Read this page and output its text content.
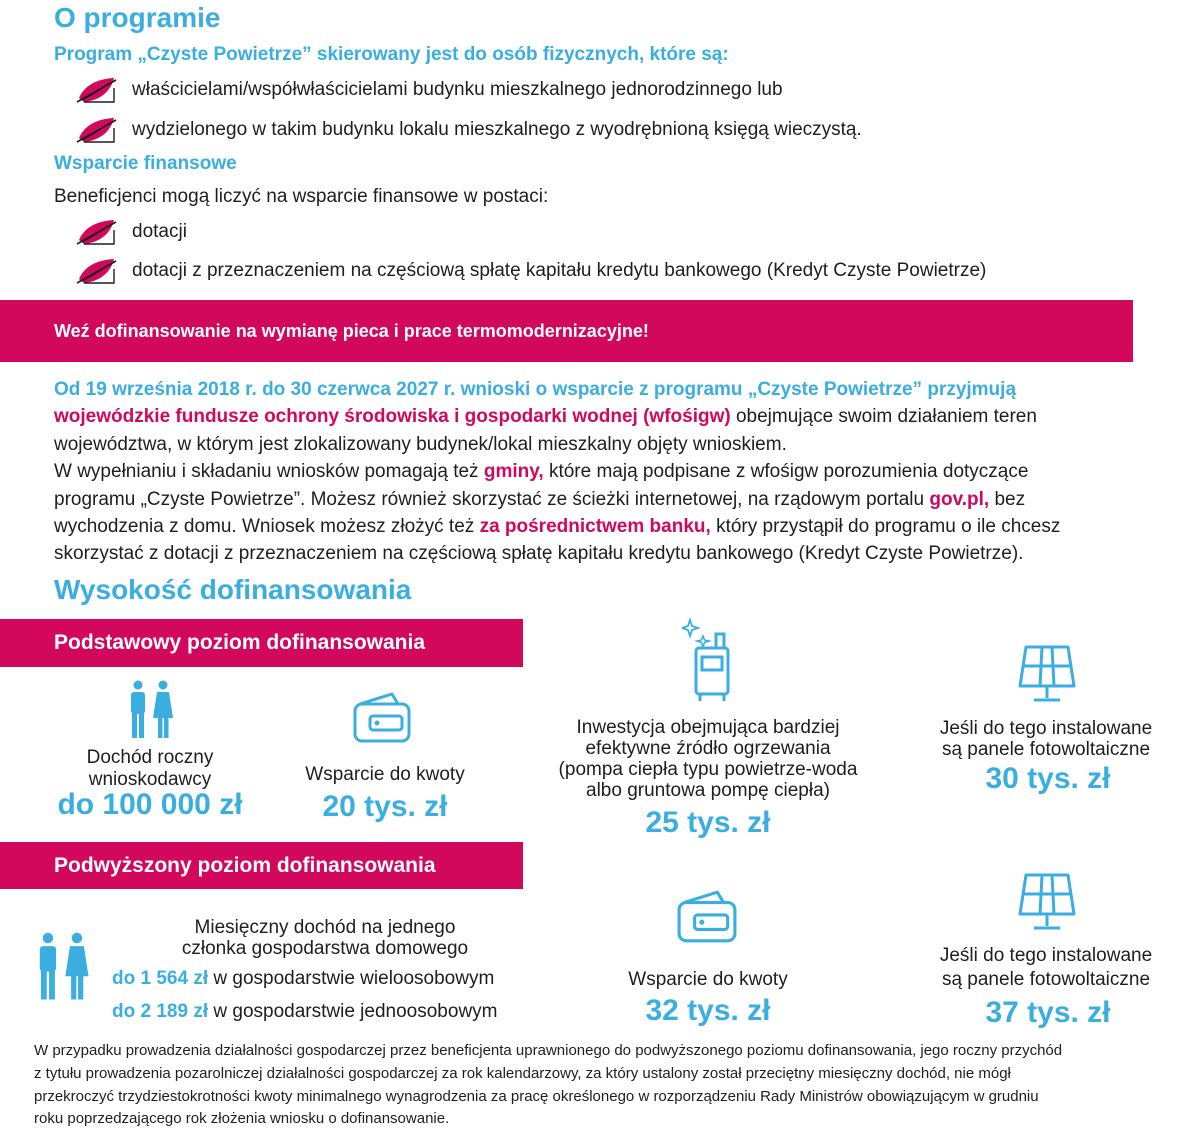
O programie
Program „Czyste Powietrze” skierowany jest do osób fizycznych, które są:
właścicielami/współwłaścicielami budynku mieszkalnego jednorodzinnego lub
wydzielonego w takim budynku lokalu mieszkalnego z wyodrębnioną księgą wieczystą.
Wsparcie finansowe
Beneficjenci mogą liczyć na wsparcie finansowe w postaci:
dotacji
dotacji z przeznaczeniem na częściową spłatę kapitału kredytu bankowego (Kredyt Czyste Powietrze)
Weź dofinansowanie na wymianę pieca i prace termomodernizacyjne!
Od 19 września 2018 r. do 30 czerwca 2027 r. wnioski o wsparcie z programu „Czyste Powietrze” przyjmują
wojewódzkie fundusze ochrony środowiska i gospodarki wodnej (wfośigw) obejmujące swoim działaniem teren
województwa, w którym jest zlokalizowany budynek/lokal mieszkalny objęty wnioskiem.
W wypełnianiu i składaniu wniosków pomagają też gminy, które mają podpisane z wfośigw porozumienia dotyczące
programu „Czyste Powietrze”. Możesz również skorzystać ze ścieżki internetowej, na rządowym portalu gov.pl, bez
wychodzenia z domu. Wniosek możesz złożyć też za pośrednictwem banku, który przystąpił do programu o ile chcesz
skorzystać z dotacji z przeznaczeniem na częściową spłatę kapitału kredytu bankowego (Kredyt Czyste Powietrze).
Wysokość dofinansowania
Podstawowy poziom dofinansowania
Dochód roczny
wnioskodawcy
do 100 000 zł
Wsparcie do kwoty
20 tys. zł
Inwestycja obejmująca bardziej
efektywne źródło ogrzewania
(pompa ciepła typu powietrze-woda
albo gruntowa pompę ciepła)
25 tys. zł
Jeśli do tego instalowane
są panele fotowoltaiczne
30 tys. zł
Podwyższony poziom dofinansowania
Miesięczny dochód na jednego
członka gospodarstwa domowego
do 1 564 zł w gospodarstwie wieloosobowym
do 2 189 zł w gospodarstwie jednoosobowym
Wsparcie do kwoty
32 tys. zł
Jeśli do tego instalowane
są panele fotowoltaiczne
37 tys. zł
W przypadku prowadzenia działalności gospodarczej przez beneficjenta uprawnionego do podwyższonego poziomu dofinansowania, jego roczny przychód
z tytułu prowadzenia pozarolniczej działalności gospodarczej za rok kalendarzowy, za który ustalony został przeciętny miesięczny dochód, nie mógł
przekroczyć trzydziestokrotności kwoty minimalnego wynagrodzenia za pracę określonego w rozporządzeniu Rady Ministrów obowiązującym w grudniu
roku poprzedzającego rok złożenia wniosku o dofinansowanie.
